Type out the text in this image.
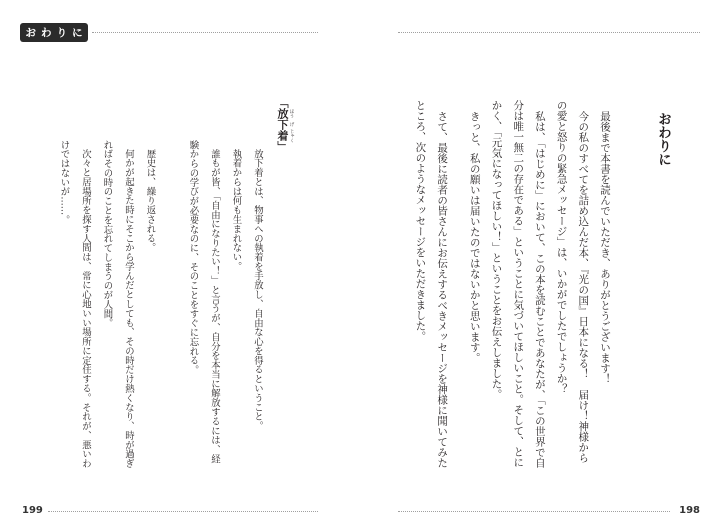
おわりに
おわりに
最後まで本書を読んでいただき、ありがとうございます！
今の私のすべてを詰め込んだ本、『光の国』日本になる！　届け！神様から
の愛と怒りの緊急メッセージ」は、いかがでしたでしょうか？
私は、「はじめに」において、この本を読むことであなたが、「この世界で自
分は唯一無二の存在である」ということに気づいてほしいこと。そして、とに
かく、「元気になってほしい！」ということをお伝えしました。
きっと、私の願いは届いたのではないかと思います。
さて、最後に読者の皆さんにお伝えするべきメッセージを神様に聞いてみた
ところ、次のようなメッセージをいただきました。
「放下着」 ほう
げ
じゃく
放下着とは、物事への執着を手放し、自由な心を得るということ。
執着からは何も生まれない。
誰もが皆、「自由になりたい！」と言うが、自分を本当に解放するには、経
験からの学びが必要なのに、そのことをすぐに忘れる。
歴史は、繰り返される。
何かが起きた時にそこから学んだとしても、その時だけ熱くなり、時が過ぎ
ればその時のことを忘れてしまうのが人間。
次々と居場所を探す人間は、常に心地いい場所に定住する。それが、悪いわ
けではないが……。
199	198
